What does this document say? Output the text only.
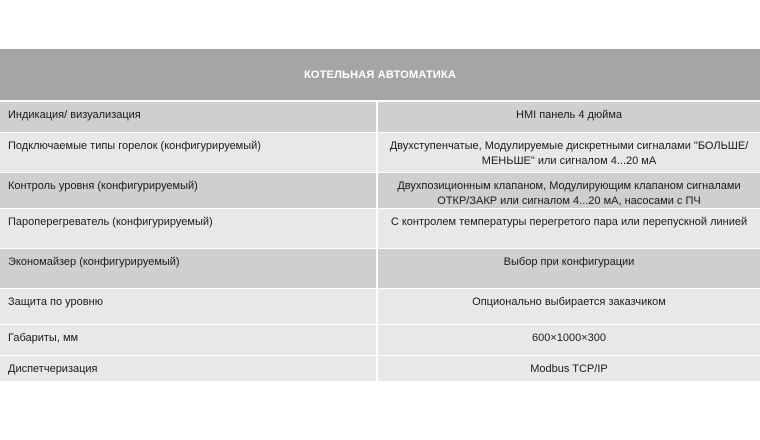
КОТЕЛЬНАЯ АВТОМАТИКА
Индикация/ визуализация	HMI панель 4 дюйма
Подключаемые типы горелок (конфигурируемый)	Двухступенчатые, Модулируемые дискретными сигналами "БОЛЬШЕ/МЕНЬШЕ" или сигналом 4...20 мА
Контроль уровня (конфигурируемый)	Двухпозиционным клапаном, Модулирующим клапаном сигналами ОТКР/ЗАКР или сигналом 4...20 мА, насосами с ПЧ
Пароперегреватель (конфигурируемый)	С контролем температуры перегретого пара или перепускной линией
Экономайзер (конфигурируемый)	Выбор при конфигурации
Защита по уровню	Опционально выбирается заказчиком
Габариты, мм	600×1000×300
Диспетчеризация	Modbus TCP/IP
